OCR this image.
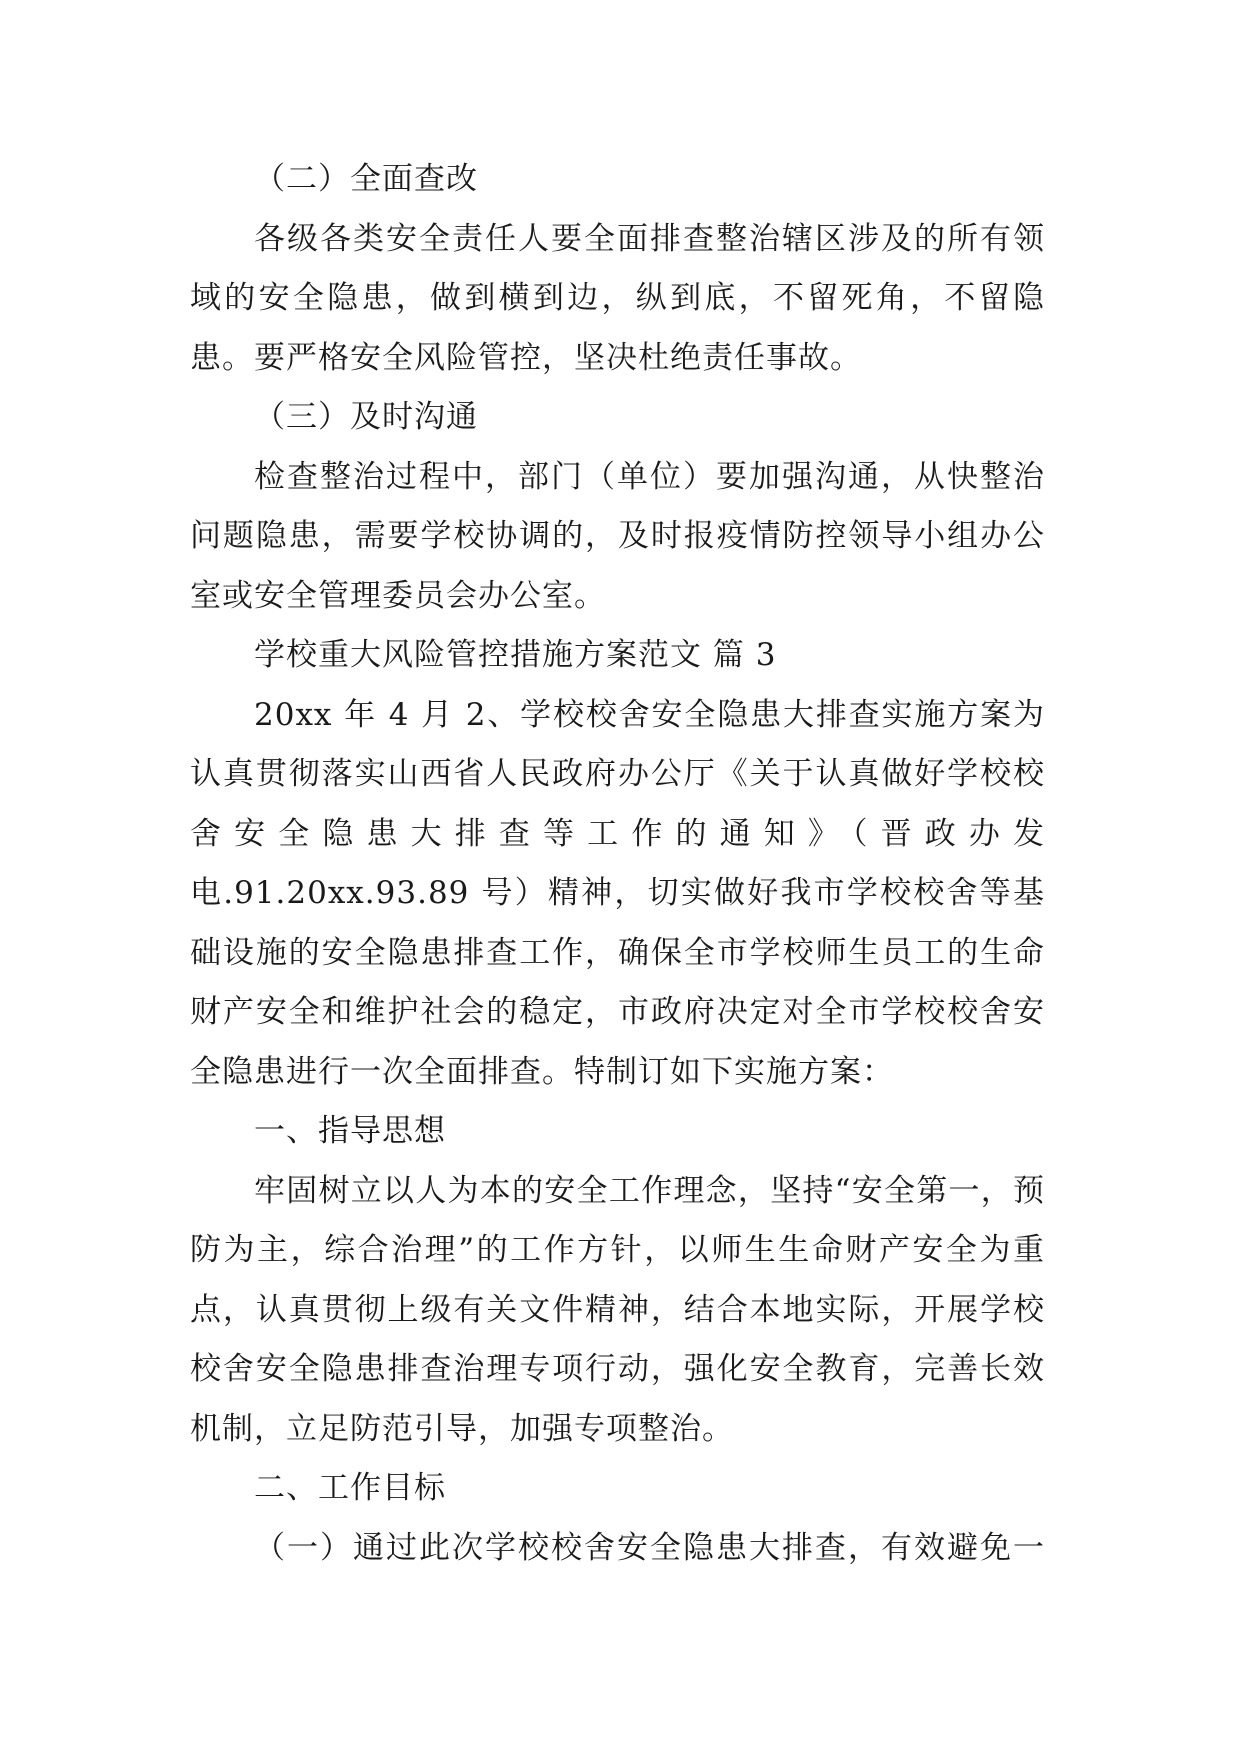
（二）全面查改

各级各类安全责任人要全面排查整治辖区涉及的所有领域的安全隐患，做到横到边，纵到底，不留死角，不留隐患。要严格安全风险管控，坚决杜绝责任事故。

（三）及时沟通

检查整治过程中，部门（单位）要加强沟通，从快整治问题隐患，需要学校协调的，及时报疫情防控领导小组办公室或安全管理委员会办公室。

学校重大风险管控措施方案范文 篇 3

20xx 年 4 月 2、学校校舍安全隐患大排查实施方案为认真贯彻落实山西省人民政府办公厅《关于认真做好学校校舍安全隐患大排查等工作的通知》（晋政办发电.91.20xx.93.89 号）精神，切实做好我市学校校舍等基础设施的安全隐患排查工作，确保全市学校师生员工的生命财产安全和维护社会的稳定，市政府决定对全市学校校舍安全隐患进行一次全面排查。特制订如下实施方案：

一、指导思想

牢固树立以人为本的安全工作理念，坚持“安全第一，预防为主，综合治理”的工作方针，以师生生命财产安全为重点，认真贯彻上级有关文件精神，结合本地实际，开展学校校舍安全隐患排查治理专项行动，强化安全教育，完善长效机制，立足防范引导，加强专项整治。

二、工作目标

（一）通过此次学校校舍安全隐患大排查，有效避免一
